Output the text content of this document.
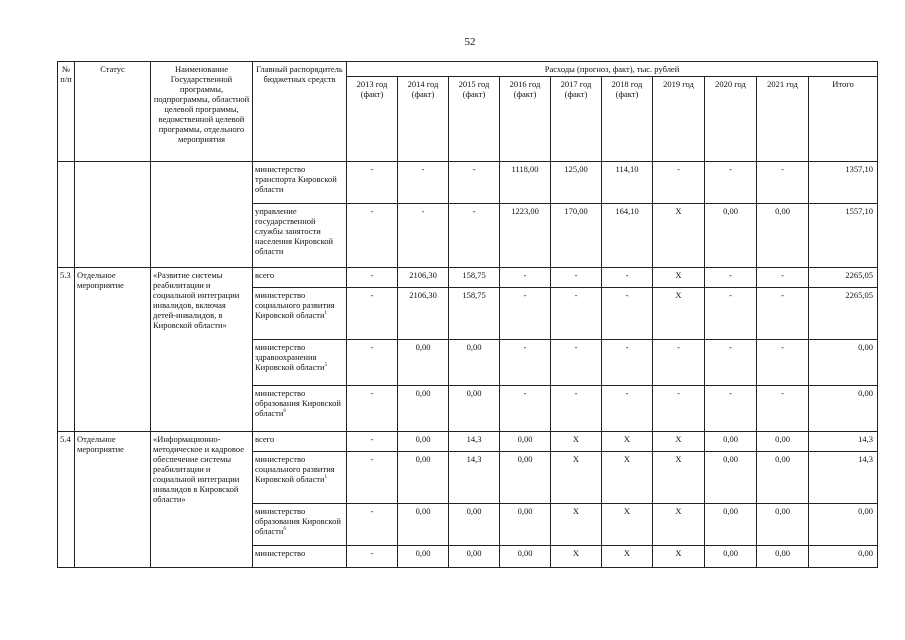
52
№ п/п	Статус	Наименование Государственной программы, подпрограммы, областной целевой программы, ведомственной целевой программы, отдельного мероприятия	Главный распорядитель бюджетных средств	Расходы (прогноз, факт), тыс. рублей									
				2013 год (факт)	2014 год (факт)	2015 год (факт)	2016 год (факт)	2017 год (факт)	2018 год (факт)	2019 год	2020 год	2021 год	Итого
			министерство транспорта Кировской области	-	-	-	1118,00	125,00	114,10	-	-	-	1357,10
			управление государственной службы занятости населения Кировской области	-	-	-	1223,00	170,00	164,10	X	0,00	0,00	1557,10
5.3	Отдельное мероприятие	«Развитие системы реабилитации и социальной интеграции инвалидов, включая детей-инвалидов, в Кировской области»	всего	-	2106,30	158,75	-	-	-	X	-	-	2265,05
			министерство социального развития Кировской области$^1$	-	2106,30	158,75	-	-	-	X	-	-	2265,05
			министерство здравоохранения Кировской области$^5$	-	0,00	0,00	-	-	-	-	-	-	0,00
			министерство образования Кировской области$^6$	-	0,00	0,00	-	-	-	-	-	-	0,00
5.4	Отдельное мероприятие	«Информационно-методическое и кадровое обеспечение системы реабилитации и социальной интеграции инвалидов в Кировской области»	всего	-	0,00	14,3	0,00	X	X	X	0,00	0,00	14,3
			министерство социального развития Кировской области$^1$	-	0,00	14,3	0,00	X	X	X	0,00	0,00	14,3
			министерство образования Кировской области$^6$	-	0,00	0,00	0,00	X	X	X	0,00	0,00	0,00
			министерство	-	0,00	0,00	0,00	X	X	X	0,00	0,00	0,00
